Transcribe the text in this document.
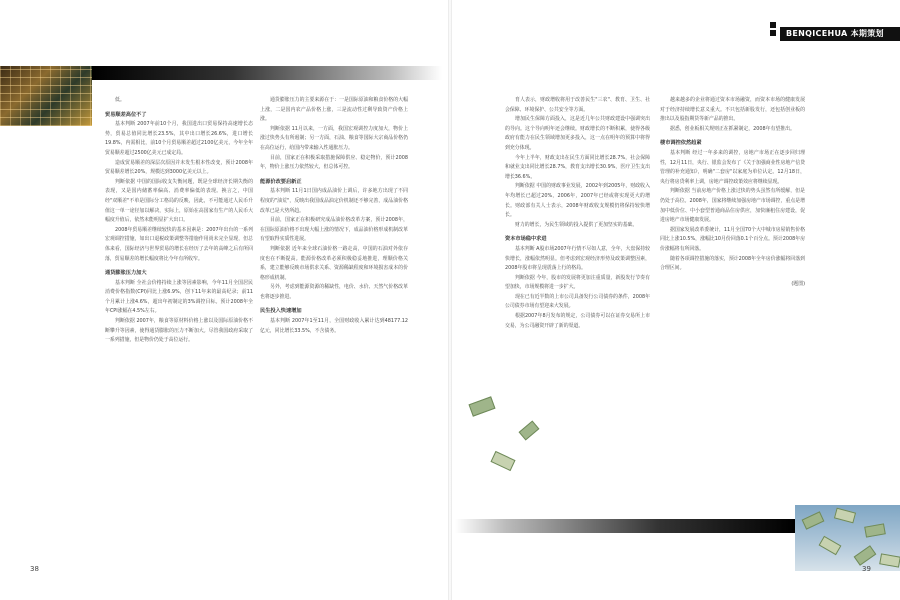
BENQICEHUA 本期策划
低。
贸易顺差高位不了
基本判断 2007年前10个月，我国进出口贸易保持高速增长态势，贸易总值同比增长23.5%，其中出口增长26.6%，进口增长19.8%，内需相比，前10个月贸易顺差超过2100亿美元，今年全年贸易顺差超过2500亿美元已成定局。
造成贸易顺差的深层次原因并未发生根本性改变，预计2008年贸易顺差增长20%，规模达到3000亿美元以上。
判断依据 中国的国际收支失衡问题，既是全球经济长期失衡的表现，又是国内储蓄率偏高、消费率偏低的表现。换言之，中国经"双顺差"不单是国际分工格局的反映，因此，不可能通过人民币升值这一单一途径加以解决，实际上，原始在高国家有生产的人民币大幅度升值后，依然未能明显扩大出口。
2008年贸易顺差继续较快的基本因素是：2007年出台的一系列宏观调控措施，如出口退税政策调整等措施作用尚未完全显现，但总体来看，国际经济与世界贸易的增长在经历了去年的高峰之后有所回落，贸易顺差的增长幅度将比今年有所收窄。
通货膨胀压力加大
基本判断 全社会价格持续上涨等因素影响，今年11月全国居民消费价格指数(CPI)同比上涨6.9%，创下11年来的最高纪录；前11个月累计上涨4.6%，超出年初制定的3%调控目标。预计2008年全年CPI涨幅在4.5%左右。
判断依据 2007年，粮食等原材料价格上涨以及国际原油价格不断攀升等因素，使得通货膨胀的压力不断加大。尽管我国政府采取了一系列措施，但是物价仍处于高位运行。
通货膨胀压力的主要来源在于：一是国际原油和粮食价格的大幅上涨，二是国内农产品价格上涨，三是流动性过剩导致资产价格上涨。
判断依据 11月以来，一方面，我国宏观调控力度加大，物价上涨过快势头有所遏制；另一方面，石油、粮食等国际大宗商品价格仍在高位运行，给国内带来输入性通胀压力。
目前，国家正在积极采取措施保障供应、稳定物价，预计2008年，物价上涨压力依然较大，但总体可控。
能源价改要启新正
基本判断 11月1日国内成品油价上调后，许多地方出现了不同程度的"油荒"，反映出我国成品油定价机制还不够完善，成品油价格改革已是大势所趋。
目前，国家正在积极研究成品油价格改革方案，预计2008年，在国际原油价格不出现大幅上涨的情况下，成品油价格形成机制改革有望取得实质性进展。
判断依据 近年来全球石油价格一路走高，中国的石油对外依存度也在不断提高。能源价格改革必须积极稳妥地推进，理顺价格关系，建立能够反映市场供求关系、资源稀缺程度和环境损害成本的价格形成机制。
另外，考虑到能源资源的稀缺性，电价、水价、天然气价格改革也将逐步推进。
民生投入快速增加
基本判断 2007年1至11月，全国财政收入累计达到48177.12亿元，同比增长33.5%，不含债务。
育人表示，财政增收将用于改善民生"三农"、教育、卫生、社会保障、环境保护、公共安全等方面。
增加民生保障方面投入，这是近几年公共财政建设中强调突出的导向。这个导向明年还会继续。财政增长的不断积累，使得各级政府有能力在民生领域增加更多投入，这一点在明年的预算中将得到充分体现。
今年上半年，财政支出在民生方面同比增长28.7%，社会保障和就业支出同比增长28.7%，教育支出增长30.9%，医疗卫生支出增长36.6%。
判断依据 中国的财政事业发展，2002年到2005年，财政收入年均增长已超过20%，2006年，2007年已经或将实现更大的增长。财政部有关人士表示，2008年财政收支规模仍将保持较快增长。
财力的增长，为民生领域的投入提供了更加坚实的基础。
资本市场稳中求进
基本判断 A股市场2007年行情不尽如人意，全年，大盘保持较快增长，涨幅依然明显。但考虑到宏观经济形势及政策调整因素，2008年股市将呈现震荡上行的格局。
判断依据 今年，股市的发展将更加注重质量，新股发行节奏有望加快，市场规模将进一步扩大。
现在已有近半数的上市公司具备发行公司债券的条件，2008年公司债券市场有望迎来大发展。
根据2007年8月发布的规定，公司债券可以在证券交易所上市交易，为公司融资开辟了新的渠道。
越来越多的企业将通过资本市场融资，而资本市场的健康发展对于经济持续增长意义重大。不只包括新股发行，还包括创业板的推出以及股指期货等新产品的推出。
据悉，创业板相关规则正在抓紧制定，2008年有望推出。
楼市调控依然趋紧
基本判断 经过一年多来的调控，房地产市场正在逐步回归理性，12月11日，央行、银监会发布了《关于加强商业性房地产信贷管理的补充通知》，明确"二套房"以家庭为单位认定。12月18日，央行将房贷利率上调，房地产调控政策效应将继续显现。
判断依据 当前房地产价格上涨过快的势头虽然有所缓解，但是仍处于高位。2008年，国家将继续加强房地产市场调控，重点是增加中低价位、中小套型普通商品住房供应，加快廉租住房建设，促进房地产市场健康发展。
据国家发展改革委统计，11月全国70个大中城市房屋销售价格同比上涨10.5%，涨幅比10月份回落0.1个百分点。预计2008年房价涨幅将有所回落。
随着各项调控措施的落实，预计2008年全年房价涨幅将回落到合理区间。
(题图)
38	39
